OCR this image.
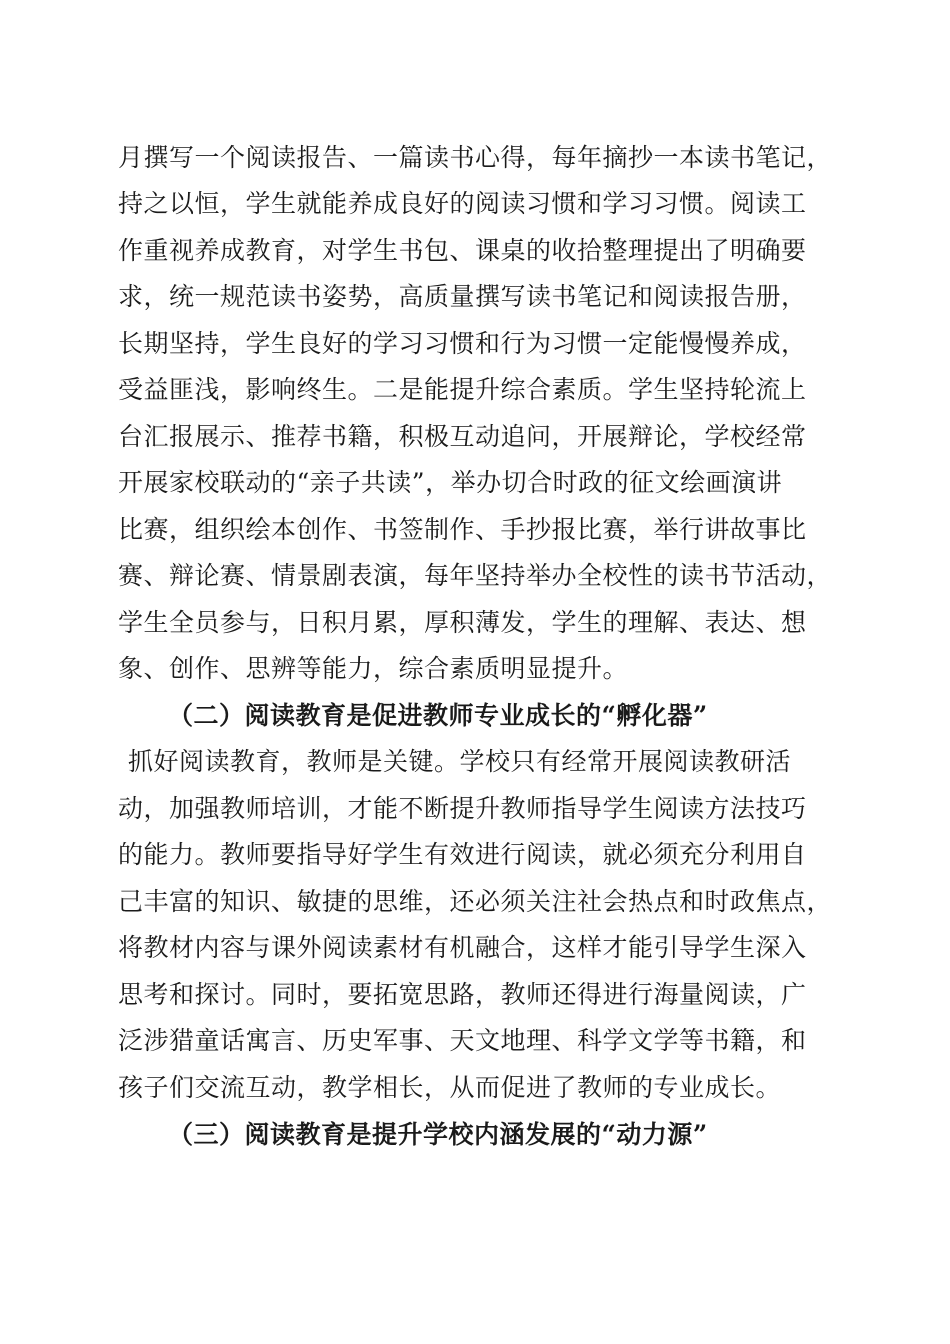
月撰写一个阅读报告、一篇读书心得，每年摘抄一本读书笔记，
持之以恒，学生就能养成良好的阅读习惯和学习习惯。阅读工
作重视养成教育，对学生书包、课桌的收拾整理提出了明确要
求，统一规范读书姿势，高质量撰写读书笔记和阅读报告册，
长期坚持，学生良好的学习习惯和行为习惯一定能慢慢养成，
受益匪浅，影响终生。二是能提升综合素质。学生坚持轮流上
台汇报展示、推荐书籍，积极互动追问，开展辩论，学校经常
开展家校联动的“亲子共读”，举办切合时政的征文绘画演讲
比赛，组织绘本创作、书签制作、手抄报比赛，举行讲故事比
赛、辩论赛、情景剧表演，每年坚持举办全校性的读书节活动，
学生全员参与，日积月累，厚积薄发，学生的理解、表达、想
象、创作、思辨等能力，综合素质明显提升。
（二）阅读教育是促进教师专业成长的“孵化器”
抓好阅读教育，教师是关键。学校只有经常开展阅读教研活
动，加强教师培训，才能不断提升教师指导学生阅读方法技巧
的能力。教师要指导好学生有效进行阅读，就必须充分利用自
己丰富的知识、敏捷的思维，还必须关注社会热点和时政焦点，
将教材内容与课外阅读素材有机融合，这样才能引导学生深入
思考和探讨。同时，要拓宽思路，教师还得进行海量阅读，广
泛涉猎童话寓言、历史军事、天文地理、科学文学等书籍，和
孩子们交流互动，教学相长，从而促进了教师的专业成长。
（三）阅读教育是提升学校内涵发展的“动力源”
